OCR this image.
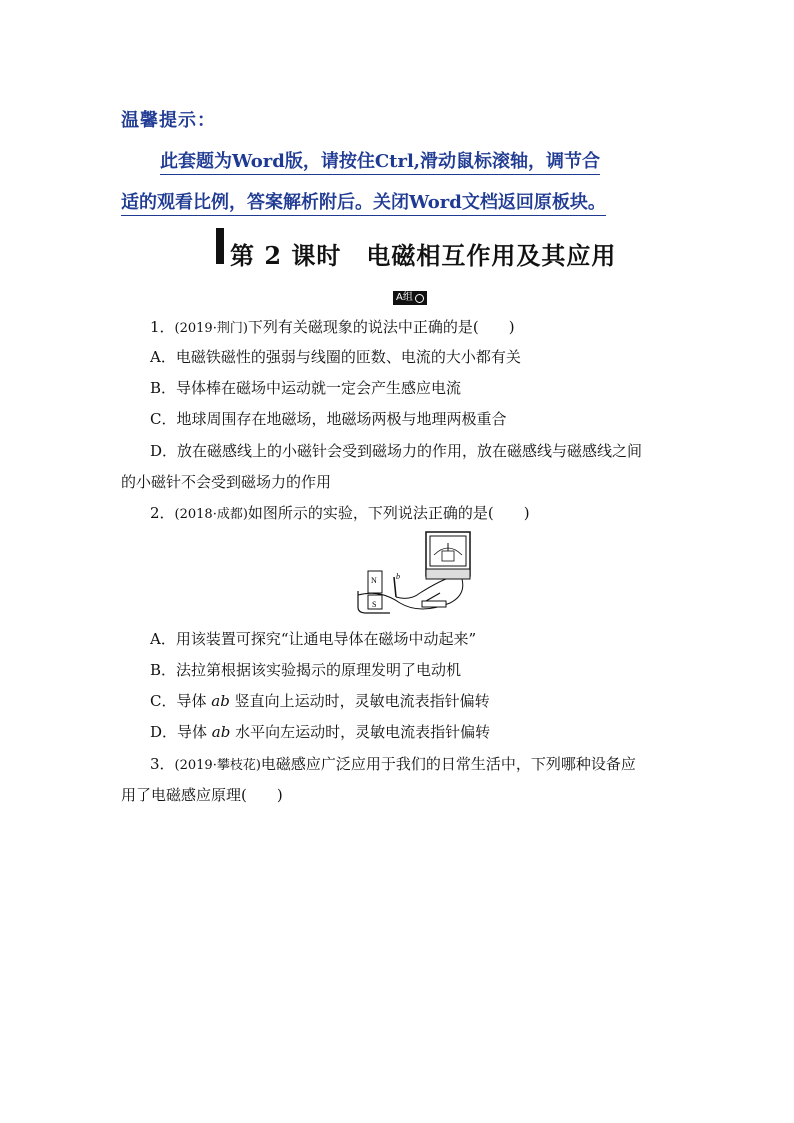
温馨提示：
此套题为Word版，请按住Ctrl,滑动鼠标滚轴，调节合
适的观看比例，答案解析附后。关闭Word文档返回原板块。
第 2 课时　电磁相互作用及其应用
A组
1．(2019·荆门)下列有关磁现象的说法中正确的是(　　)
A．电磁铁磁性的强弱与线圈的匝数、电流的大小都有关
B．导体棒在磁场中运动就一定会产生感应电流
C．地球周围存在地磁场，地磁场两极与地理两极重合
D．放在磁感线上的小磁针会受到磁场力的作用，放在磁感线与磁感线之间
的小磁针不会受到磁场力的作用
2．(2018·成都)如图所示的实验，下列说法正确的是(　　)
N
S
b
A．用该装置可探究“让通电导体在磁场中动起来”
B．法拉第根据该实验揭示的原理发明了电动机
C．导体 ab 竖直向上运动时，灵敏电流表指针偏转
D．导体 ab 水平向左运动时，灵敏电流表指针偏转
3．(2019·攀枝花)电磁感应广泛应用于我们的日常生活中，下列哪种设备应
用了电磁感应原理(　　)
